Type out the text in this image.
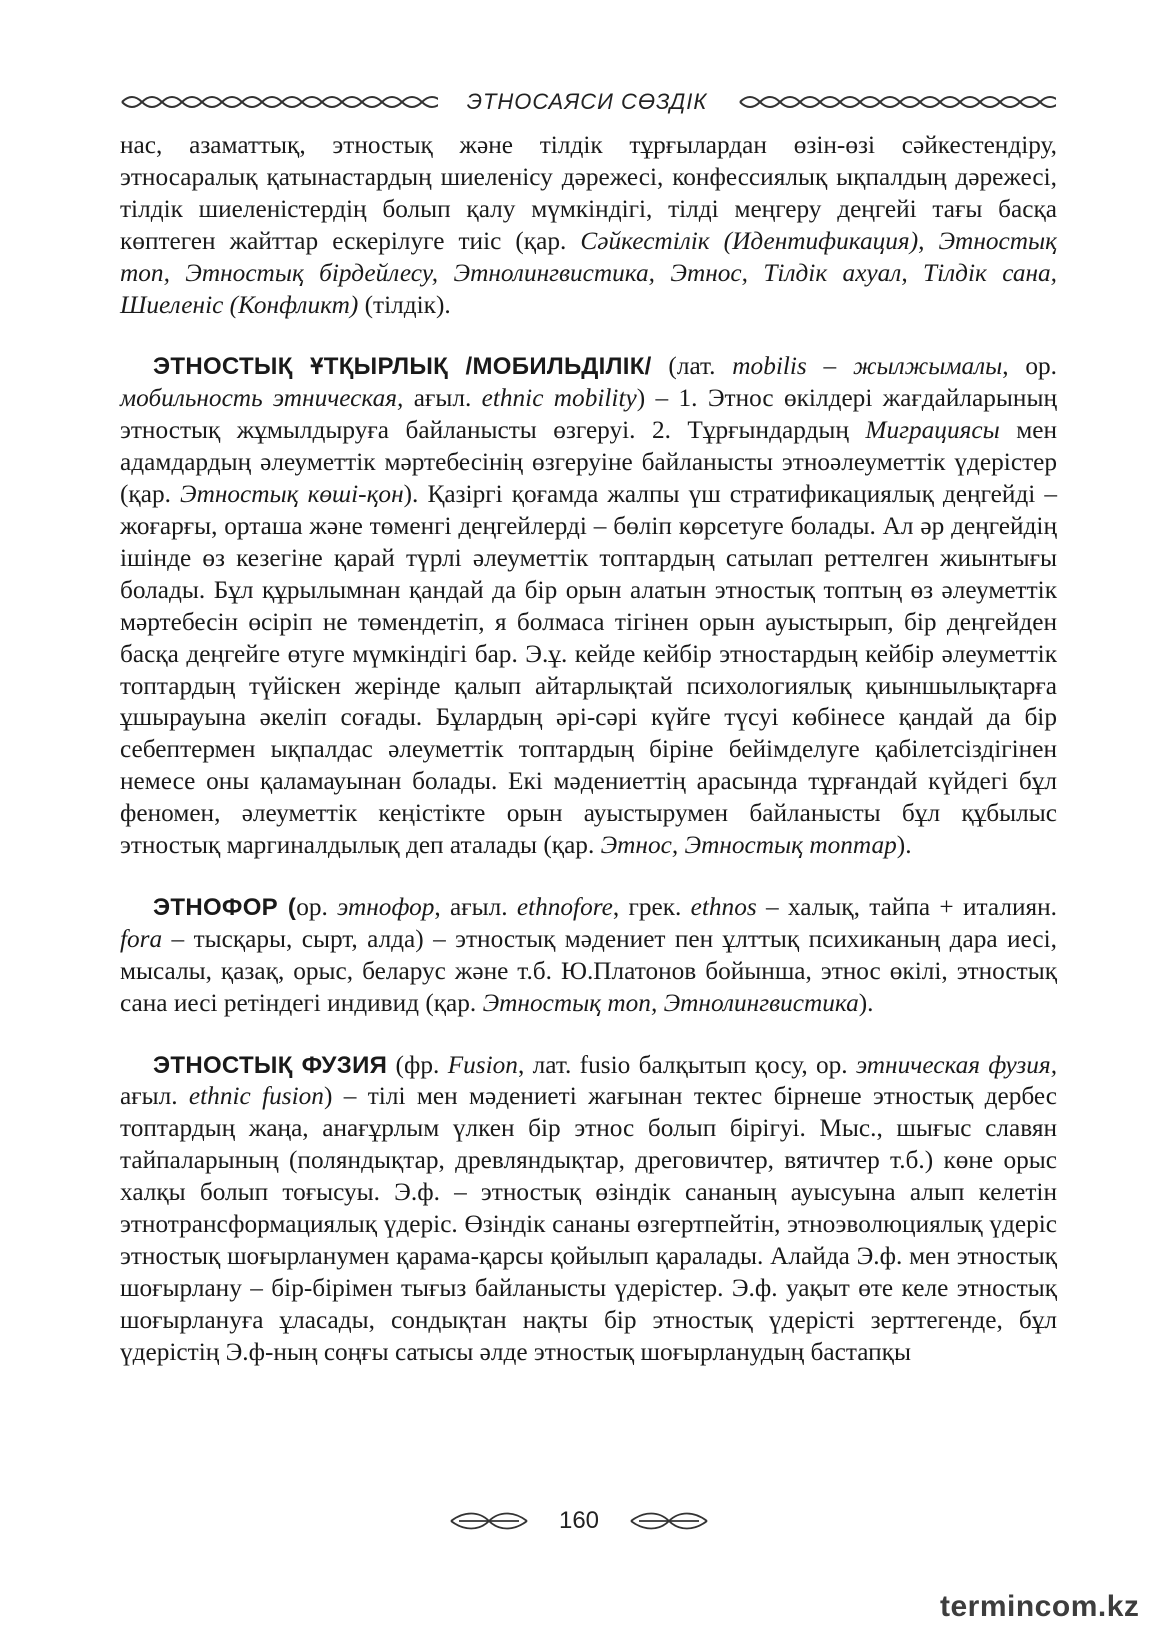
ЭТНОСАЯСИ СӨЗДІК

нас, азаматтық, этностық және тілдік тұрғылардан өзін-өзі сәйкестендіру, этносаралық қатынастардың шиеленісу дәрежесі, конфессиялық ықпалдың дәрежесі, тілдік шиеленістердің болып қалу мүмкіндігі, тілді меңгеру деңгейі тағы басқа көптеген жайттар ескерілуге тиіс (қар. Сәйкестілік (Идентификация), Этностық топ, Этностық бірдейлесу, Этнолингвистика, Этнос, Тілдік ахуал, Тілдік сана, Шиеленіс (Конфликт) (тілдік).

ЭТНОСТЫҚ ҰТҚЫРЛЫҚ /МОБИЛЬДІЛІК/ (лат. mobilis – жылжымалы, ор. мобильность этническая, ағыл. ethnic mobility) – 1. Этнос өкілдері жағдайларының этностық жұмылдыруға байланысты өзгеруі. 2. Тұрғындардың Миграциясы мен адамдардың әлеуметтік мәртебесінің өзгеруіне байланысты этноәлеуметтік үдерістер (қар. Этностық көші-қон). Қазіргі қоғамда жалпы үш стратификациялық деңгейді – жоғарғы, орташа және төменгі деңгейлерді – бөліп көрсетуге болады. Ал әр деңгейдің ішінде өз кезегіне қарай түрлі әлеуметтік топтардың сатылап реттелген жиынтығы болады. Бұл құрылымнан қандай да бір орын алатын этностық топтың өз әлеуметтік мәртебесін өсіріп не төмендетіп, я болмаса тігінен орын ауыстырып, бір деңгейден басқа деңгейге өтуге мүмкіндігі бар. Э.ұ. кейде кейбір этностардың кейбір әлеуметтік топтардың түйіскен жерінде қалып айтарлықтай психологиялық қиыншылықтарға ұшырауына әкеліп соғады. Бұлардың әрі-сәрі күйге түсуі көбінесе қандай да бір себептермен ықпалдас әлеуметтік топтардың біріне бейімделуге қабілетсіздігінен немесе оны қаламауынан болады. Екі мәдениеттің арасында тұрғандай күйдегі бұл феномен, әлеуметтік кеңістікте орын ауыстырумен байланысты бұл құбылыс этностық маргиналдылық деп аталады (қар. Этнос, Этностық топтар).

ЭТНОФОР (ор. этнофор, ағыл. ethnofore, грек. ethnos – халық, тайпа + италиян. fora – тысқары, сырт, алда) – этностық мәдениет пен ұлттық психиканың дара иесі, мысалы, қазақ, орыс, беларус және т.б. Ю.Платонов бойынша, этнос өкілі, этностық сана иесі ретіндегі индивид (қар. Этностық топ, Этнолингвистика).

ЭТНОСТЫҚ ФУЗИЯ (фр. Fusion, лат. fusio балқытып қосу, ор. этническая фузия, ағыл. ethnic fusion) – тілі мен мәдениеті жағынан тектес бірнеше этностық дербес топтардың жаңа, анағұрлым үлкен бір этнос болып бірігуі. Мыс., шығыс славян тайпаларының (поляндықтар, древляндықтар, дреговичтер, вятичтер т.б.) көне орыс халқы болып тоғысуы. Э.ф. – этностық өзіндік сананың ауысуына алып келетін этнотрансформациялық үдеріс. Өзіндік сананы өзгертпейтін, этноэволюциялық үдеріс этностық шоғырланумен қарама-қарсы қойылып қаралады. Алайда Э.ф. мен этностық шоғырлану – бір-бірімен тығыз байланысты үдерістер. Э.ф. уақыт өте келе этностық шоғырлануға ұласады, сондықтан нақты бір этностық үдерісті зерттегенде, бұл үдерістің Э.ф-ның соңғы сатысы әлде этностық шоғырланудың бастапқы

160
termincom.kz
